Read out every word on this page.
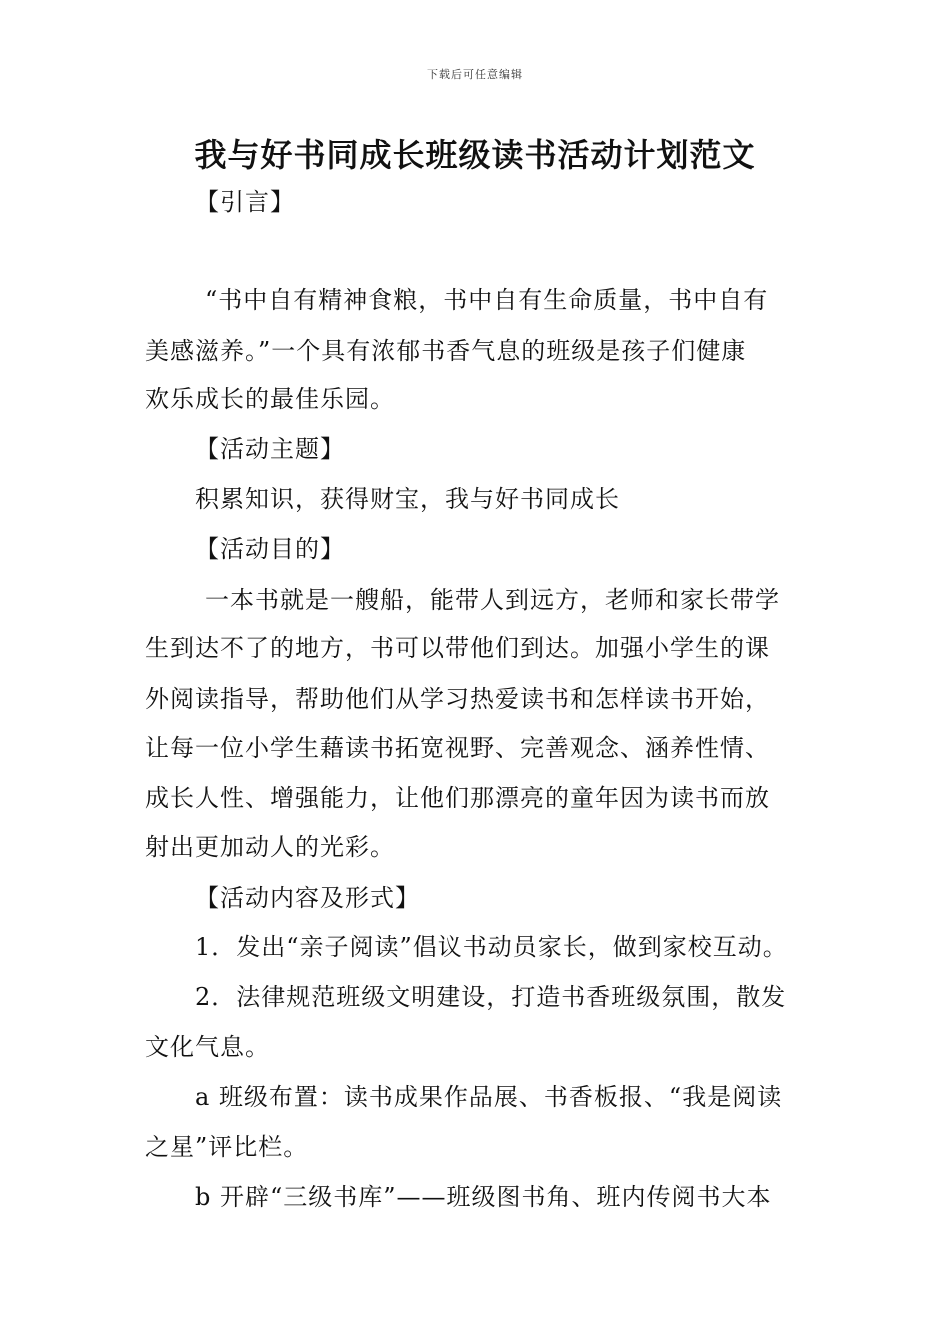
下载后可任意编辑
我与好书同成长班级读书活动计划范文
【引言】
“书中自有精神食粮，书中自有生命质量，书中自有
美感滋养。”一个具有浓郁书香气息的班级是孩子们健康
欢乐成长的最佳乐园。
【活动主题】
积累知识，获得财宝，我与好书同成长
【活动目的】
一本书就是一艘船，能带人到远方，老师和家长带学
生到达不了的地方，书可以带他们到达。加强小学生的课
外阅读指导，帮助他们从学习热爱读书和怎样读书开始，
让每一位小学生藉读书拓宽视野、完善观念、涵养性情、
成长人性、增强能力，让他们那漂亮的童年因为读书而放
射出更加动人的光彩。
【活动内容及形式】
1．发出“亲子阅读”倡议书动员家长，做到家校互动。
2．法律规范班级文明建设，打造书香班级氛围，散发
文化气息。
a 班级布置：读书成果作品展、书香板报、“我是阅读
之星”评比栏。
b 开辟“三级书库”——班级图书角、班内传阅书大本
